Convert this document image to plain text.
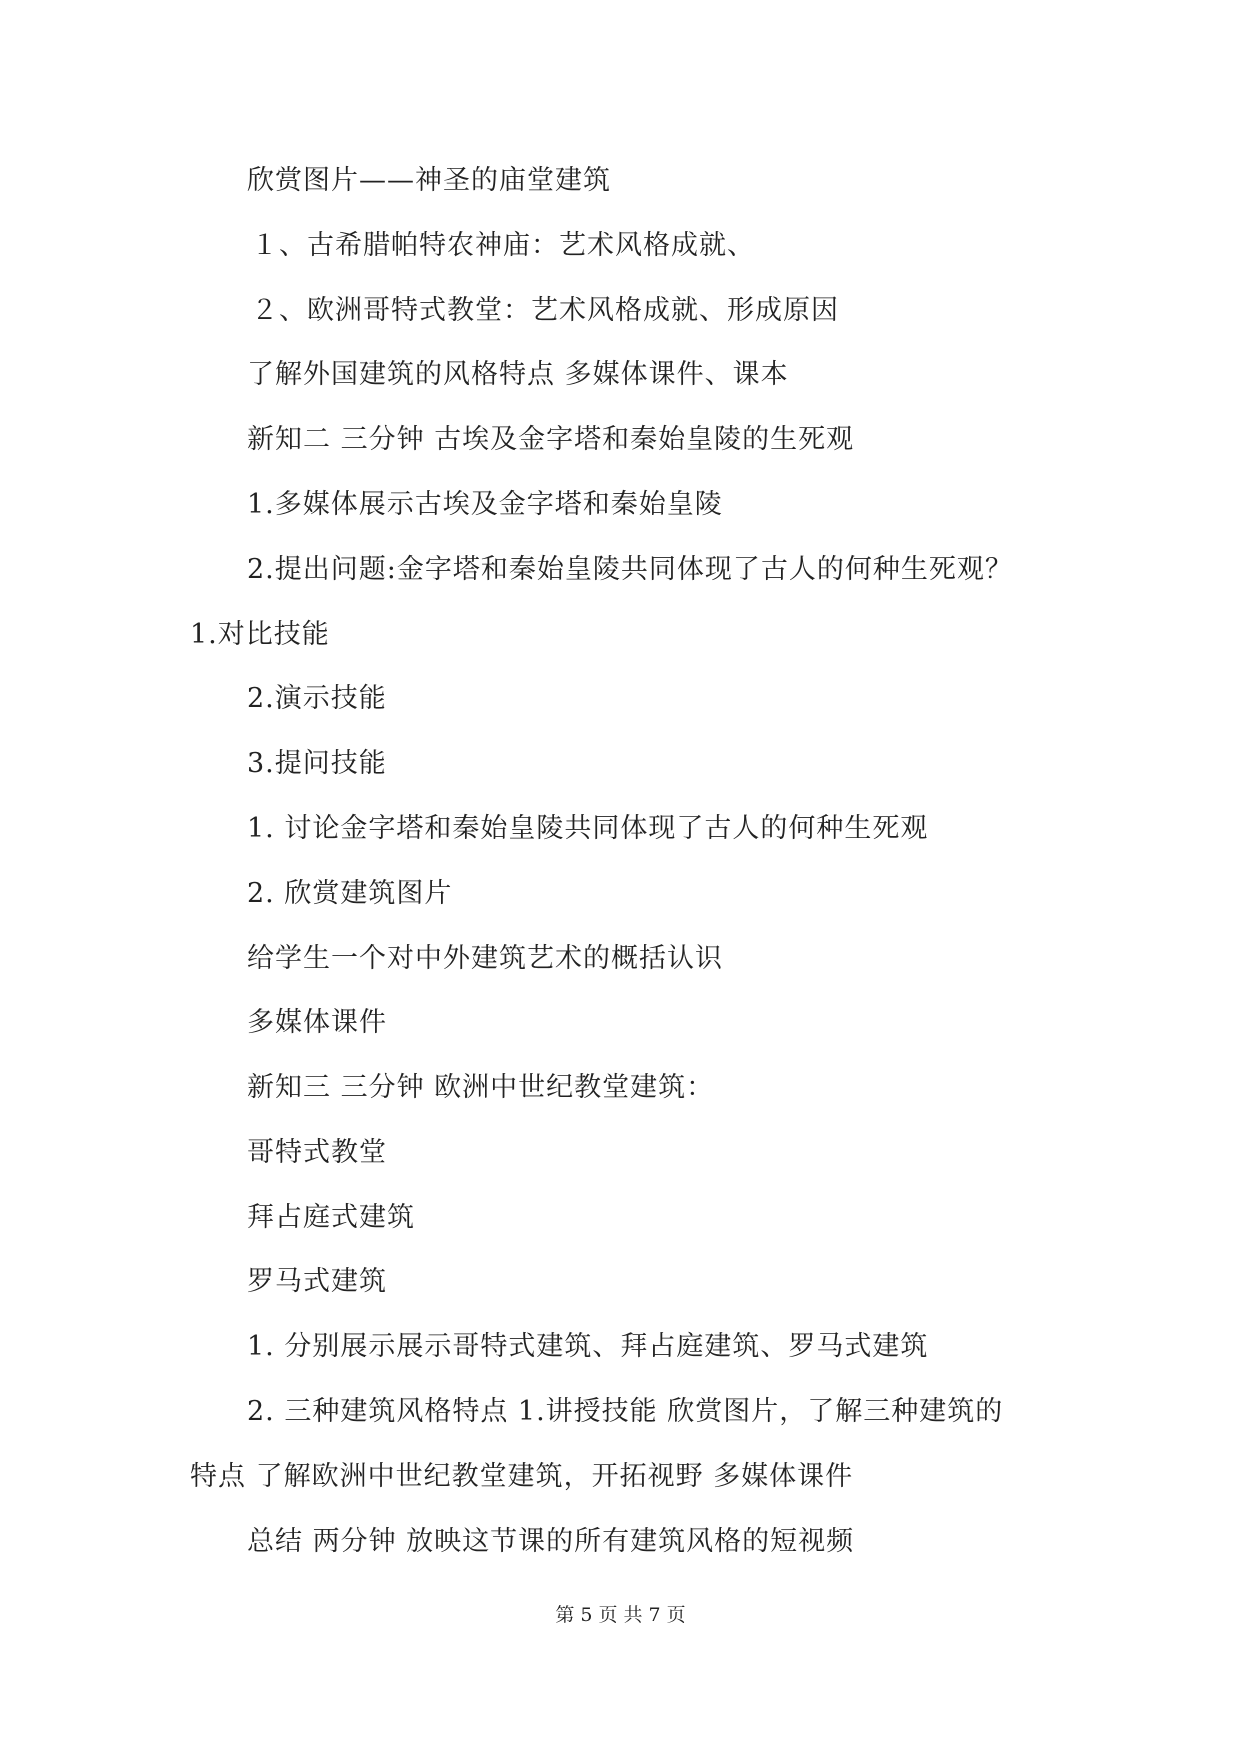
欣赏图片——神圣的庙堂建筑
１、古希腊帕特农神庙：艺术风格成就、
２、欧洲哥特式教堂：艺术风格成就、形成原因
了解外国建筑的风格特点 多媒体课件、课本
新知二 三分钟 古埃及金字塔和秦始皇陵的生死观
1.多媒体展示古埃及金字塔和秦始皇陵
2.提出问题:金字塔和秦始皇陵共同体现了古人的何种生死观？
1.对比技能
2.演示技能
3.提问技能
1. 讨论金字塔和秦始皇陵共同体现了古人的何种生死观
2. 欣赏建筑图片
给学生一个对中外建筑艺术的概括认识
多媒体课件
新知三 三分钟 欧洲中世纪教堂建筑：
哥特式教堂
拜占庭式建筑
罗马式建筑
1. 分别展示展示哥特式建筑、拜占庭建筑、罗马式建筑
2. 三种建筑风格特点 1.讲授技能 欣赏图片，了解三种建筑的
特点 了解欧洲中世纪教堂建筑，开拓视野 多媒体课件
总结 两分钟 放映这节课的所有建筑风格的短视频
第 5 页 共 7 页
